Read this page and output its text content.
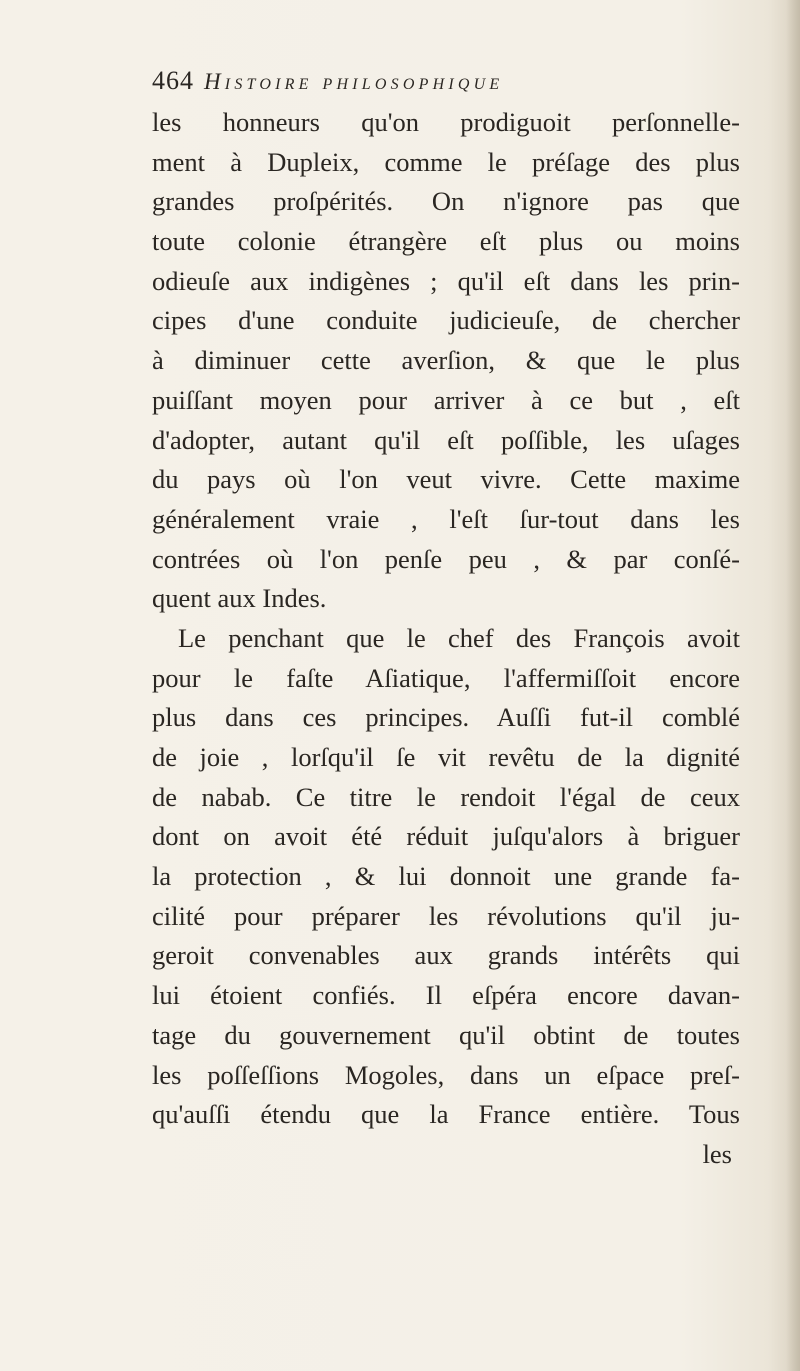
464 Histoire philosophique
les honneurs qu'on prodiguoit perſonnelle-
ment à Dupleix, comme le préſage des plus
grandes proſpérités. On n'ignore pas que
toute colonie étrangère eſt plus ou moins
odieuſe aux indigènes ; qu'il eſt dans les prin-
cipes d'une conduite judicieuſe, de chercher
à diminuer cette averſion, & que le plus
puiſſant moyen pour arriver à ce but , eſt
d'adopter, autant qu'il eſt poſſible, les uſages
du pays où l'on veut vivre. Cette maxime
généralement vraie , l'eſt ſur-tout dans les
contrées où l'on penſe peu , & par conſé-
quent aux Indes.
Le penchant que le chef des François avoit
pour le faſte Aſiatique, l'affermiſſoit encore
plus dans ces principes. Auſſi fut-il comblé
de joie , lorſqu'il ſe vit revêtu de la dignité
de nabab. Ce titre le rendoit l'égal de ceux
dont on avoit été réduit juſqu'alors à briguer
la protection , & lui donnoit une grande fa-
cilité pour préparer les révolutions qu'il ju-
geroit convenables aux grands intérêts qui
lui étoient confiés. Il eſpéra encore davan-
tage du gouvernement qu'il obtint de toutes
les poſſeſſions Mogoles, dans un eſpace preſ-
qu'auſſi étendu que la France entière. Tous
les
